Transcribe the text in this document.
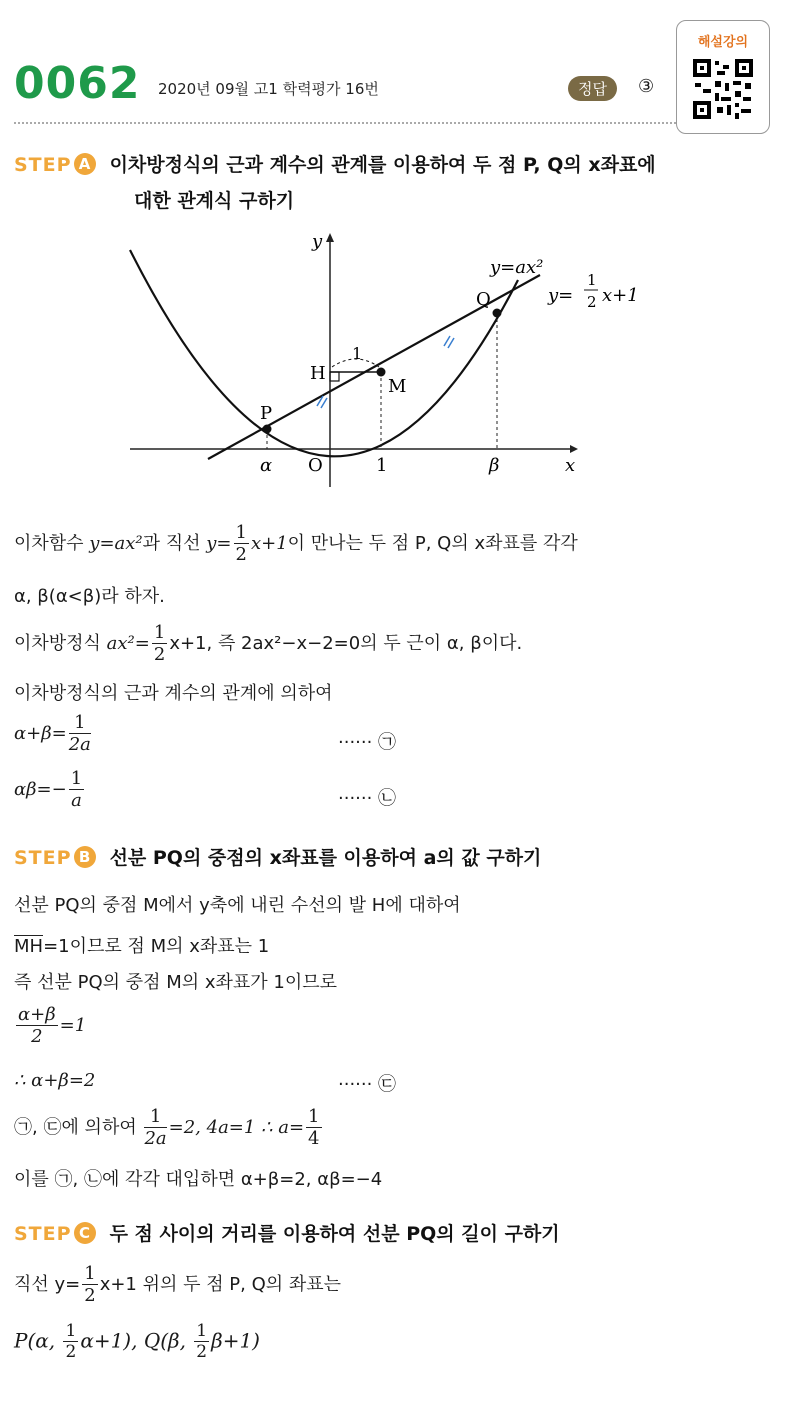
0062 2020년 09월 고1 학력평가 16번	정답	③
해설강의
STEP A 이차방정식의 근과 계수의 관계를 이용하여 두 점 P, Q의 x좌표에
대한 관계식 구하기
y
x
O
α	1	β
P
M
H
Q
1
y=ax²
y=
1
2 x+1
이차함수 y=ax²과 직선 $y= \frac{1}{2} x+1$이 만나는 두 점 P, Q의 x좌표를 각각
α, β(α<β)라 하자.
이차방정식 $ax^2= \frac{1}{2} x+1$, 즉 2ax²−x−2=0의 두 근이 α, β이다.
이차방정식의 근과 계수의 관계에 의하여
$\alpha+\beta= \frac{1}{2a}$	······ ㉠
$\alpha\beta=- \frac{1}{a}$	······ ㉡
STEP B 선분 PQ의 중점의 x좌표를 이용하여 a의 값 구하기
선분 PQ의 중점 M에서 y축에 내린 수선의 발 H에 대하여
MH=1이므로 점 M의 x좌표는 1
즉 선분 PQ의 중점 M의 x좌표가 1이므로
$\frac{\alpha+\beta}{2} =1$
∴ α+β=2	······ ㉢
㉠, ㉢에 의하여 $\frac{1}{2a} =2$, 4a=1 ∴ $a= \frac{1}{4}$
이를 ㉠, ㉡에 각각 대입하면 α+β=2, αβ=−4
STEP C 두 점 사이의 거리를 이용하여 선분 PQ의 길이 구하기
직선 $y= \frac{1}{2} x+1$ 위의 두 점 P, Q의 좌표는
P(α, $\frac{1}{2} \alpha+1$), Q(β, $\frac{1}{2} \beta+1$)
